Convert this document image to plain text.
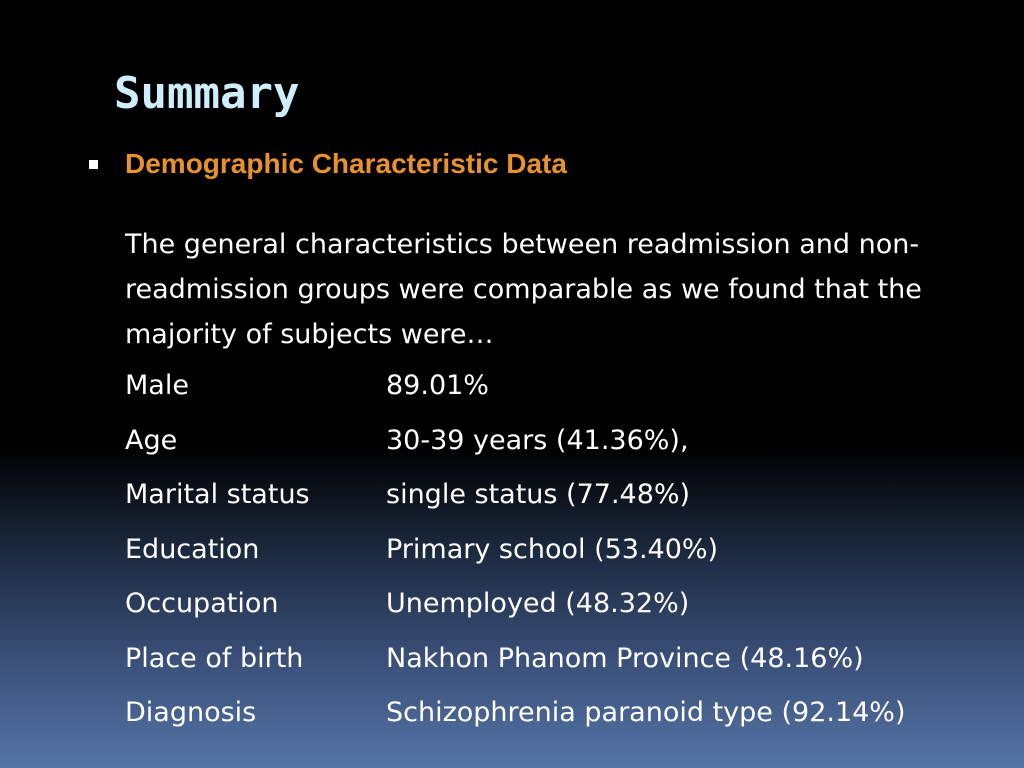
Summary
Demographic Characteristic Data

The general characteristics between readmission and non-readmission groups were comparable as we found that the majority of subjects were…

Male	89.01%
Age	30-39 years (41.36%),
Marital status	single status (77.48%)
Education	Primary school (53.40%)
Occupation	Unemployed (48.32%)
Place of birth	Nakhon Phanom Province (48.16%)
Diagnosis	Schizophrenia paranoid type (92.14%)
